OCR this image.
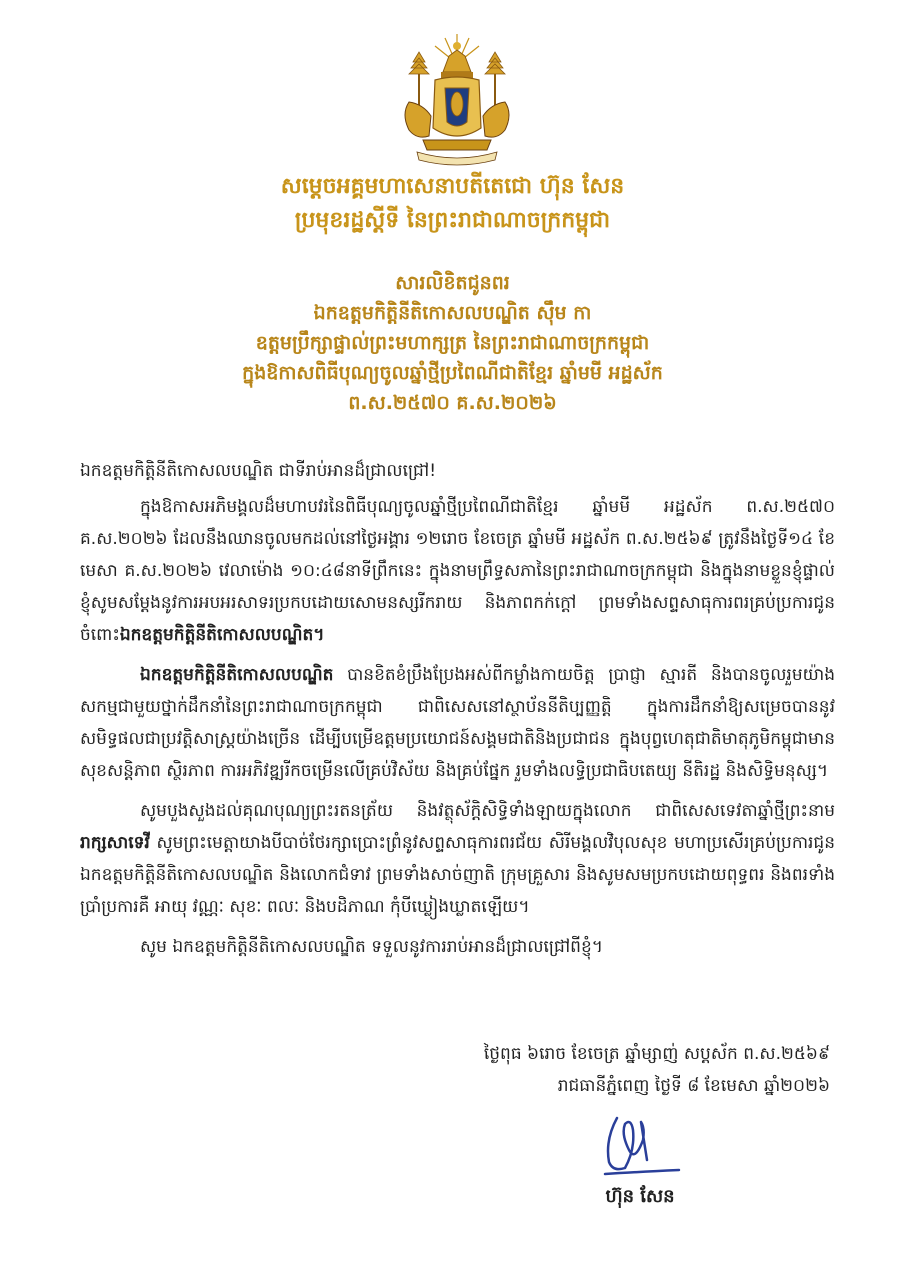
សម្ដេចអគ្គមហាសេនាបតីតេជោ ហ៊ុន សែន
ប្រមុខរដ្ឋស្ដីទី នៃព្រះរាជាណាចក្រកម្ពុជា
សារលិខិតជូនពរ
ឯកឧត្តមកិត្តិនីតិកោសលបណ្ឌិត ស៊ឹម កា
ឧត្តមប្រឹក្សាផ្ទាល់ព្រះមហាក្សត្រ នៃព្រះរាជាណាចក្រកម្ពុជា
ក្នុងឱកាសពិធីបុណ្យចូលឆ្នាំថ្មីប្រពៃណីជាតិខ្មែរ ឆ្នាំមមី អដ្ឋស័ក
ព.ស.២៥៧០ គ.ស.២០២៦

ឯកឧត្តមកិត្តិនីតិកោសលបណ្ឌិត ជាទីរាប់អានដ៏ជ្រាលជ្រៅ!

ក្នុងឱកាសអភិមង្គលដ៏មហាបវរនៃពិធីបុណ្យចូលឆ្នាំថ្មីប្រពៃណីជាតិខ្មែរ ឆ្នាំមមី អដ្ឋស័ក ព.ស.២៥៧០ គ.ស.២០២៦ ដែលនឹងឈានចូលមកដល់នៅថ្ងៃអង្គារ ១២រោច ខែចេត្រ ឆ្នាំមមី អដ្ឋស័ក ព.ស.២៥៦៩ ត្រូវនឹងថ្ងៃទី១៤ ខែមេសា គ.ស.២០២៦ វេលាម៉ោង ១០:៤៨នាទីព្រឹកនេះ ក្នុងនាមព្រឹទ្ធសភានៃព្រះរាជាណាចក្រកម្ពុជា និងក្នុងនាមខ្លួនខ្ញុំផ្ទាល់ ខ្ញុំសូមសម្ដែងនូវការអបអរសាទរប្រកបដោយសោមនស្សរីករាយ និងភាពកក់ក្ដៅ ព្រមទាំងសព្ទសាធុការពរគ្រប់ប្រការជូនចំពោះឯកឧត្តមកិត្តិនីតិកោសលបណ្ឌិត។

ឯកឧត្តមកិត្តិនីតិកោសលបណ្ឌិត បានខិតខំប្រឹងប្រែងអស់ពីកម្លាំងកាយចិត្ត ប្រាជ្ញា ស្មារតី និងបានចូលរួមយ៉ាងសកម្មជាមួយថ្នាក់ដឹកនាំនៃព្រះរាជាណាចក្រកម្ពុជា ជាពិសេសនៅស្ថាប័ននីតិប្បញ្ញត្តិ ក្នុងការដឹកនាំឱ្យសម្រេចបាននូវសមិទ្ធផលជាប្រវត្តិសាស្ត្រយ៉ាងច្រើន ដើម្បីបម្រើឧត្តមប្រយោជន៍សង្គមជាតិនិងប្រជាជន ក្នុងបុព្វហេតុជាតិមាតុភូមិកម្ពុជាមានសុខសន្តិភាព ស្ថិរភាព ការអភិវឌ្ឍរីកចម្រើនលើគ្រប់វិស័យ និងគ្រប់ផ្នែក រួមទាំងលទ្ធិប្រជាធិបតេយ្យ នីតិរដ្ឋ និងសិទ្ធិមនុស្ស។

សូមបួងសួងដល់គុណបុណ្យព្រះរតនត្រ័យ និងវត្ថុស័ក្តិសិទ្ធិទាំងឡាយក្នុងលោក ជាពិសេសទេវតាឆ្នាំថ្មីព្រះនាម រាក្សសាទេវី សូមព្រះមេត្តាយាងបីបាច់ថែរក្សាប្រោះព្រំនូវសព្ទសាធុការពរជ័យ សិរីមង្គលវិបុលសុខ មហាប្រសើរគ្រប់ប្រការជូន ឯកឧត្តមកិត្តិនីតិកោសលបណ្ឌិត និងលោកជំទាវ ព្រមទាំងសាច់ញាតិ ក្រុមគ្រួសារ និងសូមសមប្រកបដោយពុទ្ធពរ និងពរទាំងប្រាំប្រការគឺ អាយុ វណ្ណៈ សុខៈ ពលៈ និងបដិភាណ កុំបីឃ្លៀងឃ្លាតឡើយ។

សូម ឯកឧត្តមកិត្តិនីតិកោសលបណ្ឌិត ទទួលនូវការរាប់អានដ៏ជ្រាលជ្រៅពីខ្ញុំ។

ថ្ងៃពុធ ៦រោច ខែចេត្រ ឆ្នាំម្សាញ់ សប្តស័ក ព.ស.២៥៦៩
រាជធានីភ្នំពេញ ថ្ងៃទី ៨ ខែមេសា ឆ្នាំ២០២៦
ហ៊ុន សែន
